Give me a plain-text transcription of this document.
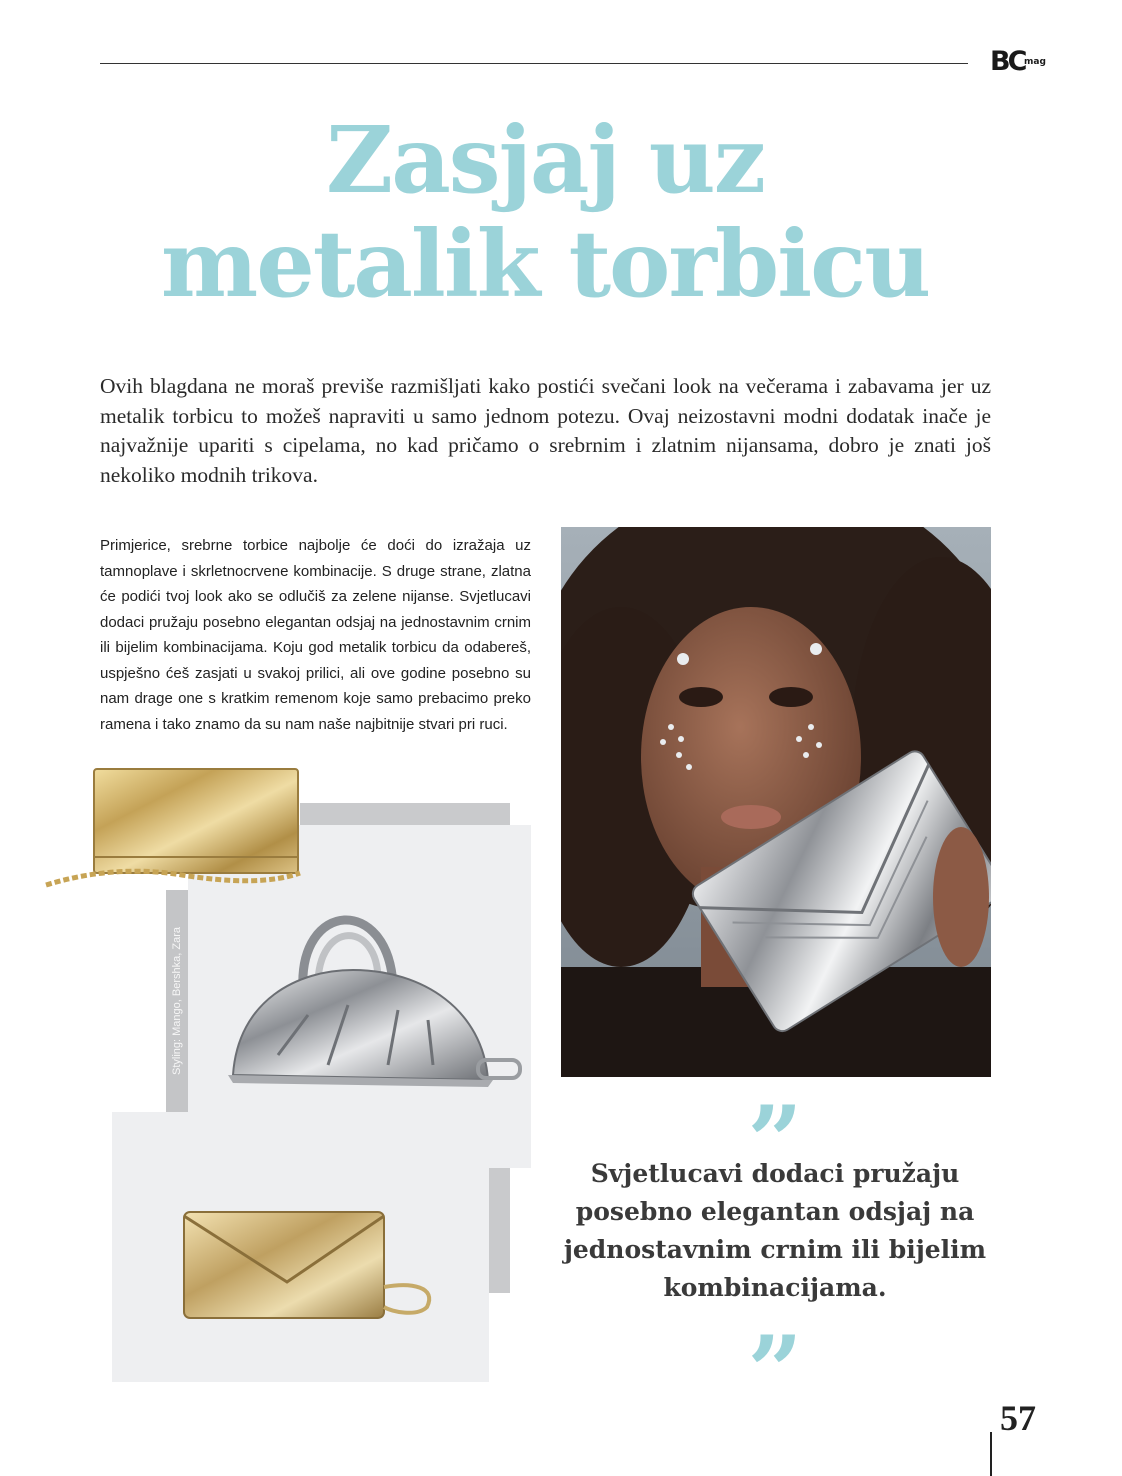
BC mag
Zasjaj uz
metalik torbicu

Ovih blagdana ne moraš previše razmišljati kako postići svečani look na večerama i zabavama jer uz metalik torbicu to možeš napraviti u samo jednom potezu. Ovaj neizostavni modni dodatak inače je najvažnije upariti s cipelama, no kad pričamo o srebrnim i zlatnim nijansama, dobro je znati još nekoliko modnih trikova.

Primjerice, srebrne torbice najbolje će doći do izražaja uz tamnoplave i skrletnocrvene kombinacije. S druge strane, zlatna će podići tvoj look ako se odlučiš za zelene nijanse. Svjetlucavi dodaci pružaju posebno elegantan odsjaj na jednostavnim crnim ili bijelim kombinacijama. Koju god metalik torbicu da odabereš, uspješno ćeš zasjati u svakoj prilici, ali ove godine posebno su nam drage one s kratkim remenom koje samo prebacimo preko ramena i tako znamo da su nam naše najbitnije stvari pri ruci.

Styling: Mango, Bershka, Zara
”

Svjetlucavi dodaci pružaju posebno elegantan odsjaj na jednostavnim crnim ili bijelim kombinacijama.

”	57
